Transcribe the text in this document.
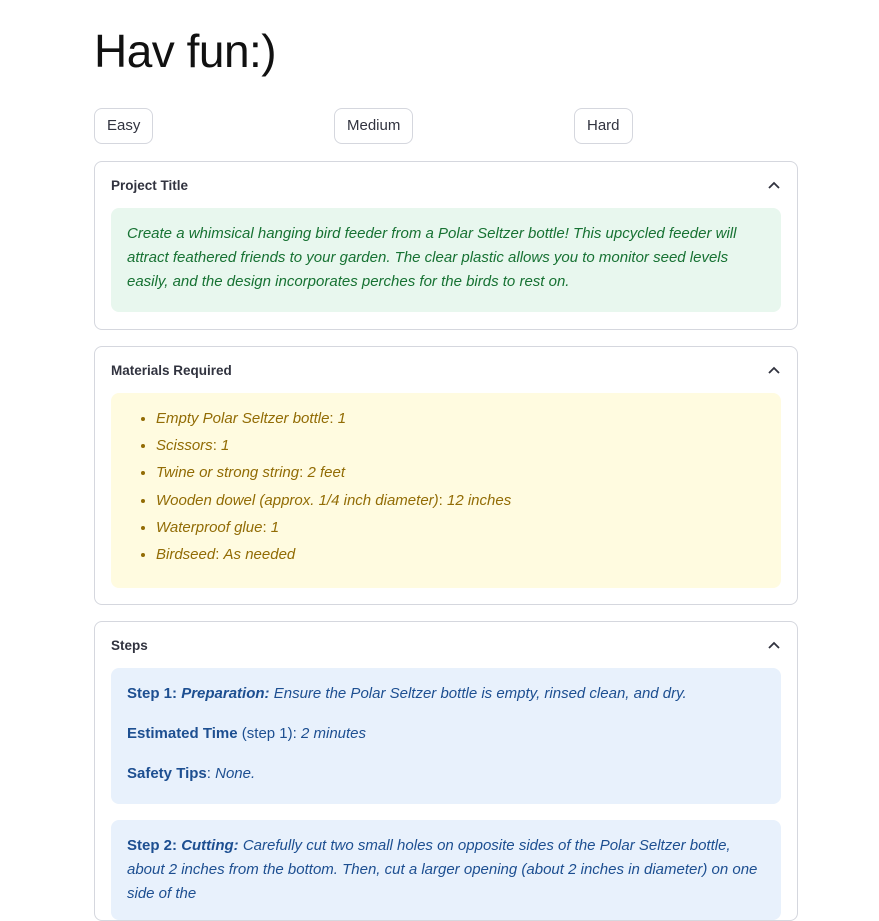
Hav fun:)
Easy	Medium	Hard
Project Title
Create a whimsical hanging bird feeder from a Polar Seltzer bottle! This upcycled feeder will attract feathered friends to your garden. The clear plastic allows you to monitor seed levels easily, and the design incorporates perches for the birds to rest on.
Materials Required
• Empty Polar Seltzer bottle: 1
• Scissors: 1
• Twine or strong string: 2 feet
• Wooden dowel (approx. 1/4 inch diameter): 12 inches
• Waterproof glue: 1
• Birdseed: As needed
Steps

Step 1: Preparation: Ensure the Polar Seltzer bottle is empty, rinsed clean, and dry.

Estimated Time (step 1): 2 minutes

Safety Tips: None.

Step 2: Cutting: Carefully cut two small holes on opposite sides of the Polar Seltzer bottle, about 2 inches from the bottom. Then, cut a larger opening (about 2 inches in diameter) on one side of the
